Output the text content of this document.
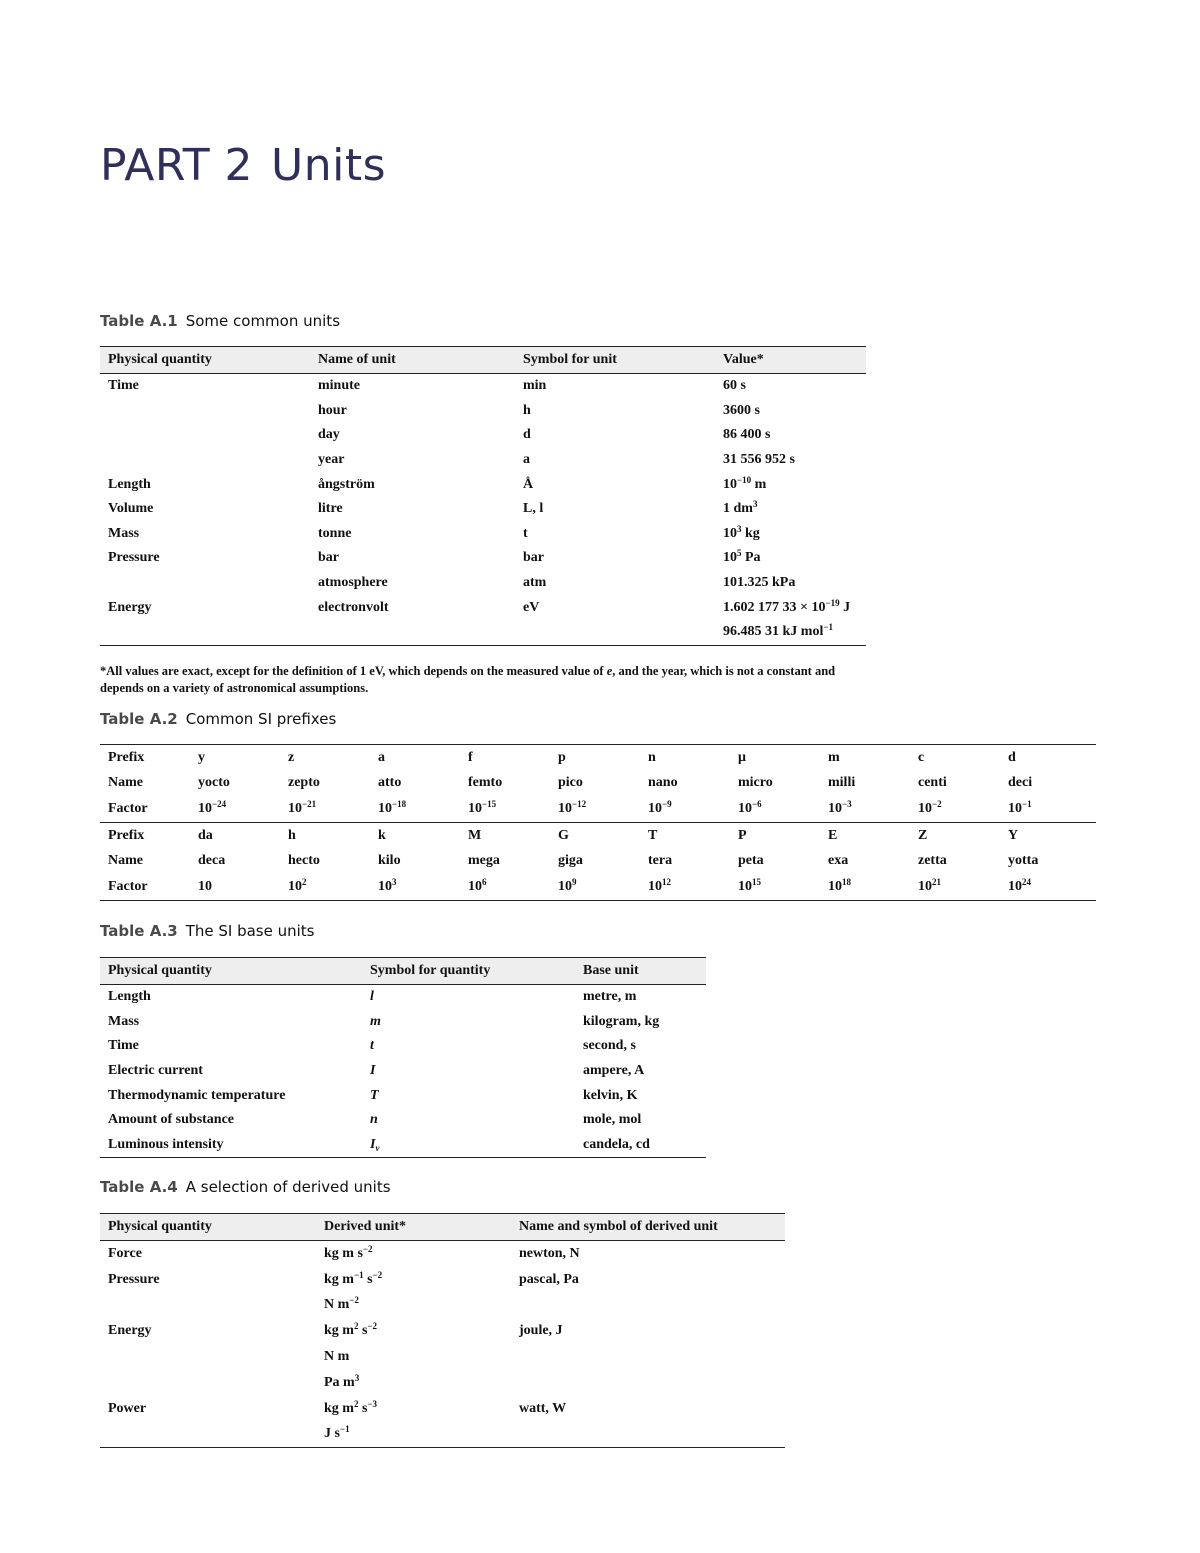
PART 2 Units

Table A.1 Some common units

Physical quantity	Name of unit	Symbol for unit	Value*
Time	minute	min	60 s
	hour	h	3600 s
	day	d	86 400 s
	year	a	31 556 952 s
Length	ångström	Å	$10^{-10}$ m
Volume	litre	L, l	1 $dm^3$
Mass	tonne	t	$10^3$ kg
Pressure	bar	bar	$10^5$ Pa
	atmosphere	atm	101.325 kPa
Energy	electronvolt	eV	1.602 177 $33 \times 10^{-19}$ J
			96.485 31 kJ mol$^{-1}$

*All values are exact, except for the definition of 1 eV, which depends on the measured value of e, and the year, which is not a constant and depends on a variety of astronomical assumptions.

Table A.2 Common SI prefixes

Prefix	y	z	a	f	p	n	μ	m	c	d
Name	yocto	zepto	atto	femto	pico	nano	micro	milli	centi	deci
Factor	$10^{-24}$	$10^{-21}$	$10^{-18}$	$10^{-15}$	$10^{-12}$	$10^{-9}$	$10^{-6}$	$10^{-3}$	$10^{-2}$	$10^{-1}$
Prefix	da	h	k	M	G	T	P	E	Z	Y
Name	deca	hecto	kilo	mega	giga	tera	peta	exa	zetta	yotta
Factor	10	$10^2$	$10^3$	$10^6$	$10^9$	$10^{12}$	$10^{15}$	$10^{18}$	$10^{21}$	$10^{24}$

Table A.3 The SI base units

Physical quantity	Symbol for quantity	Base unit
Length	l	metre, m
Mass	m	kilogram, kg
Time	t	second, s
Electric current	I	ampere, A
Thermodynamic temperature	T	kelvin, K
Amount of substance	n	mole, mol
Luminous intensity	$I_v$	candela, cd

Table A.4 A selection of derived units

Physical quantity	Derived unit*	Name and symbol of derived unit
Force	kg m $s^{-2}$	newton, N
Pressure	kg $m^{-1}$ $s^{-2}$	pascal, Pa
	N $m^{-2}$	
Energy	kg $m^2$ $s^{-2}$	joule, J
	N m	
	Pa $m^3$	
Power	kg $m^2$ $s^{-3}$	watt, W
	J $s^{-1}$	
